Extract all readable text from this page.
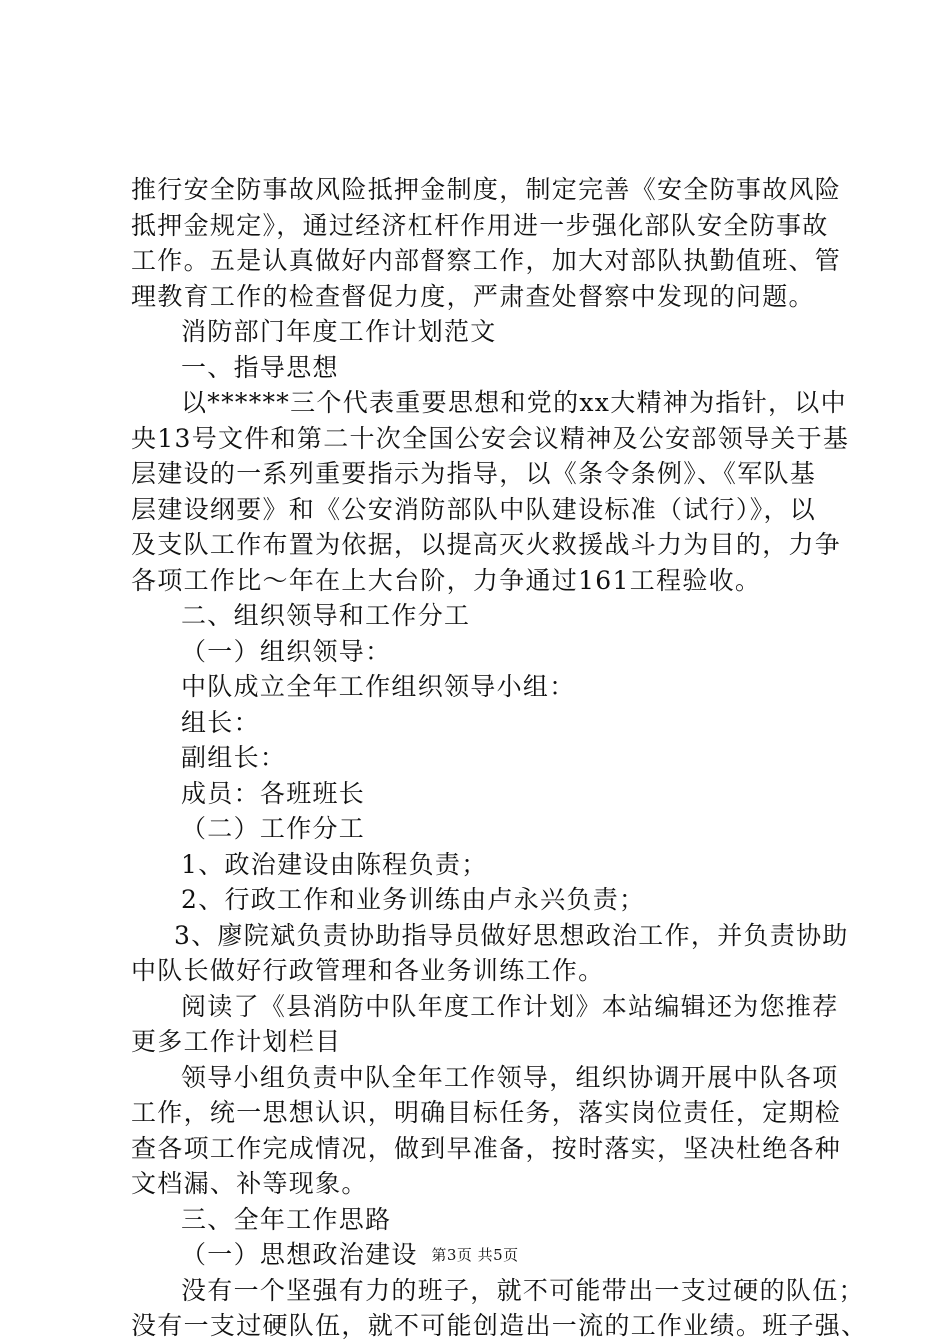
推行安全防事故风险抵押金制度，制定完善《安全防事故风险
抵押金规定》，通过经济杠杆作用进一步强化部队安全防事故
工作。五是认真做好内部督察工作，加大对部队执勤值班、管
理教育工作的检查督促力度，严肃查处督察中发现的问题。
消防部门年度工作计划范文
一、指导思想
以******三个代表重要思想和党的xx大精神为指针，以中
央13号文件和第二十次全国公安会议精神及公安部领导关于基
层建设的一系列重要指示为指导，以《条令条例》、《军队基
层建设纲要》和《公安消防部队中队建设标准（试行）》，以
及支队工作布置为依据，以提高灭火救援战斗力为目的，力争
各项工作比～年在上大台阶，力争通过161工程验收。
二、组织领导和工作分工
（一）组织领导：
中队成立全年工作组织领导小组：
组长：
副组长：
成员：各班班长
（二）工作分工
1、政治建设由陈程负责；
2、行政工作和业务训练由卢永兴负责；
3、廖院斌负责协助指导员做好思想政治工作，并负责协助
中队长做好行政管理和各业务训练工作。
阅读了《县消防中队年度工作计划》本站编辑还为您推荐
更多工作计划栏目
领导小组负责中队全年工作领导，组织协调开展中队各项
工作，统一思想认识，明确目标任务，落实岗位责任，定期检
查各项工作完成情况，做到早准备，按时落实，坚决杜绝各种
文档漏、补等现象。
三、全年工作思路
（一）思想政治建设
没有一个坚强有力的班子，就不可能带出一支过硬的队伍；
没有一支过硬队伍，就不可能创造出一流的工作业绩。班子强、
第3页 共5页
